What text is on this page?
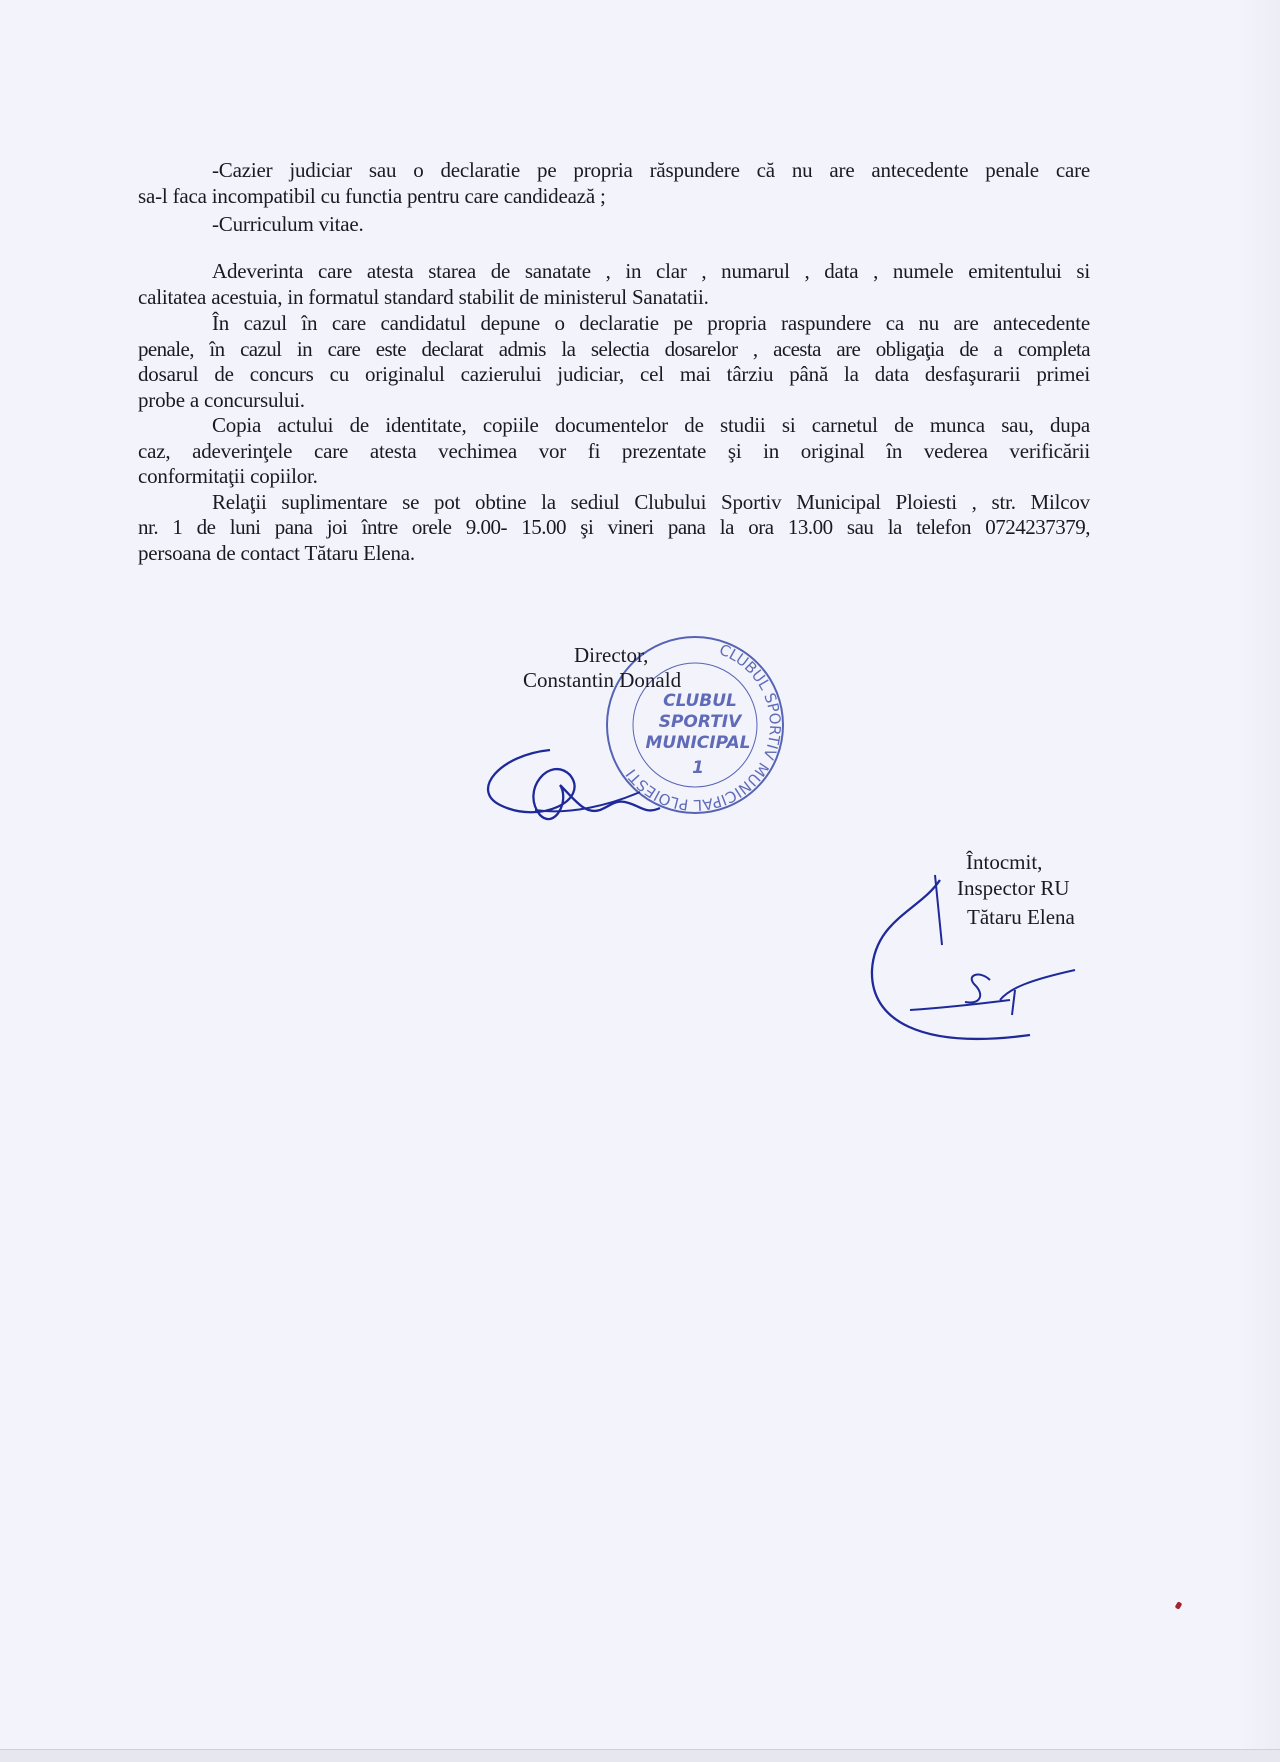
-Cazier judiciar sau o declaratie pe propria răspundere că nu are antecedente penale care
sa-l faca incompatibil cu functia pentru care candidează ;
-Curriculum vitae.
Adeverinta care atesta starea de sanatate , in clar , numarul , data , numele emitentului si
calitatea acestuia, in formatul standard stabilit de ministerul Sanatatii.
În cazul în care candidatul depune o declaratie pe propria raspundere ca nu are antecedente
penale, în cazul in care este declarat admis la selectia dosarelor , acesta are obligaţia de a completa
dosarul de concurs cu originalul cazierului judiciar, cel mai târziu până la data desfaşurarii primei
probe a concursului.
Copia actului de identitate, copiile documentelor de studii si carnetul de munca sau, dupa
caz, adeverinţele care atesta vechimea vor fi prezentate şi in original în vederea verificării
conformitaţii copiilor.
Relaţii suplimentare se pot obtine la sediul Clubului Sportiv Municipal Ploiesti , str. Milcov
nr. 1 de luni pana joi între orele 9.00- 15.00 şi vineri pana la ora 13.00 sau la telefon 0724237379,
persoana de contact Tătaru Elena.
CLUBUL SPORTIV MUNICIPAL PLOIESTI
CLUBUL
SPORTIV
MUNICIPAL
1
Director,
Constantin Donald
Întocmit,
Inspector RU
Tătaru Elena
